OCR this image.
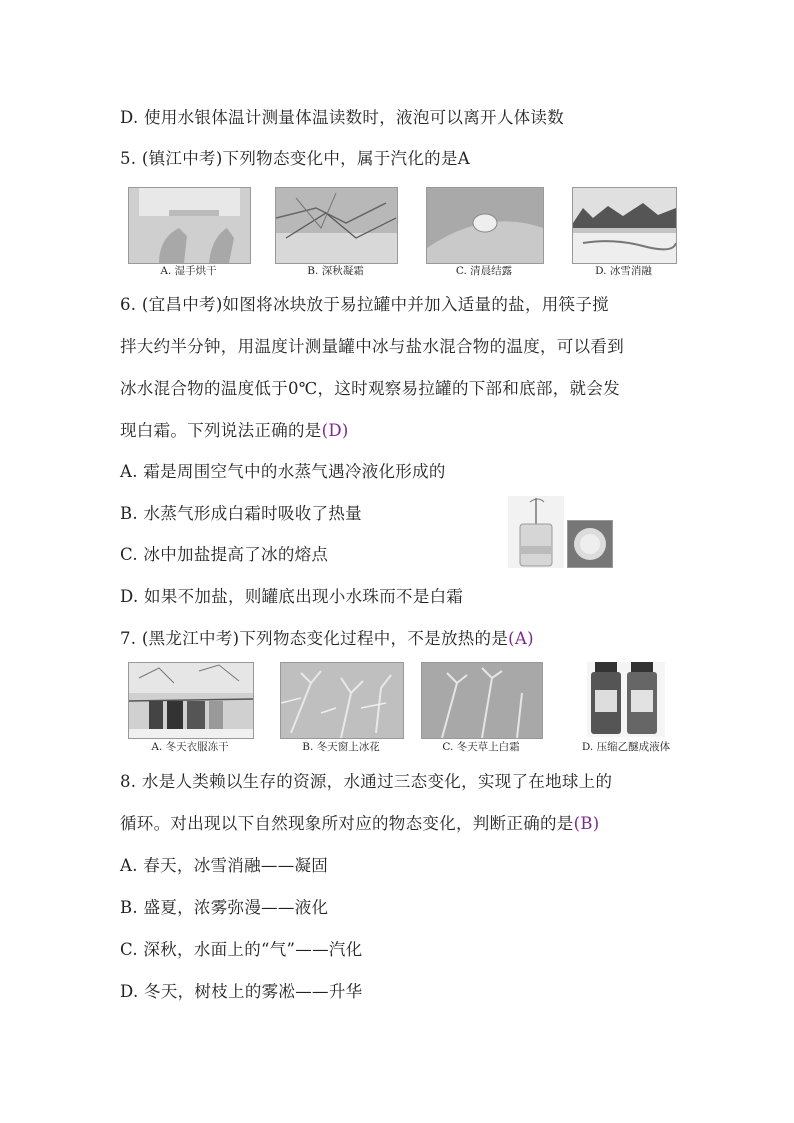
D. 使用水银体温计测量体温读数时，液泡可以离开人体读数
5. (镇江中考)下列物态变化中，属于汽化的是A
A. 湿手烘干	B. 深秋凝霜	C. 清晨结露	D. 冰雪消融
6. (宜昌中考)如图将冰块放于易拉罐中并加入适量的盐，用筷子搅
拌大约半分钟，用温度计测量罐中冰与盐水混合物的温度，可以看到
冰水混合物的温度低于0℃，这时观察易拉罐的下部和底部，就会发
现白霜。下列说法正确的是(D)
A. 霜是周围空气中的水蒸气遇冷液化形成的
B. 水蒸气形成白霜时吸收了热量
C. 冰中加盐提高了冰的熔点
D. 如果不加盐，则罐底出现小水珠而不是白霜
7. (黑龙江中考)下列物态变化过程中，不是放热的是(A)
A. 冬天衣服冻干	B. 冬天窗上冰花	C. 冬天草上白霜	D. 压缩乙醚成液体
8. 水是人类赖以生存的资源，水通过三态变化，实现了在地球上的
循环。对出现以下自然现象所对应的物态变化，判断正确的是(B)
A. 春天，冰雪消融——凝固
B. 盛夏，浓雾弥漫——液化
C. 深秋，水面上的“气”——汽化
D. 冬天，树枝上的雾凇——升华
